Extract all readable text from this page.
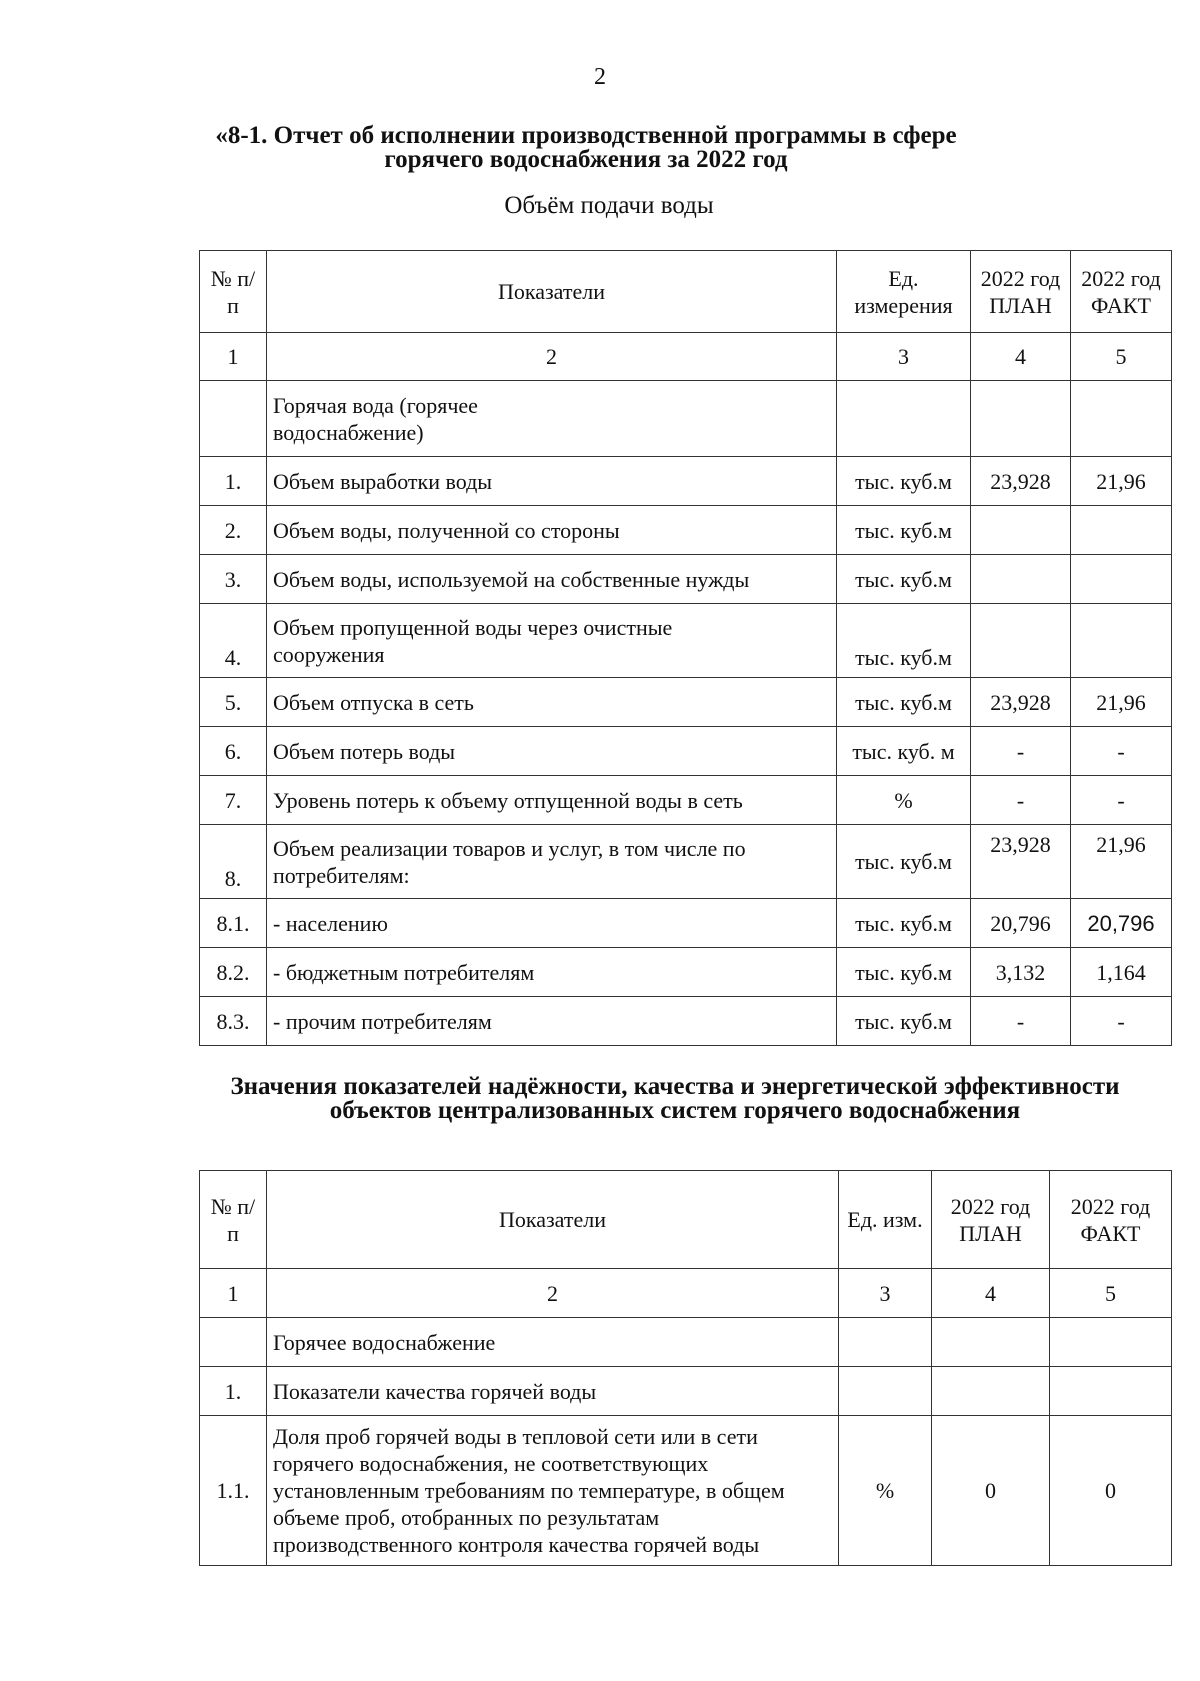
2
«8-1. Отчет об исполнении производственной программы в сфере горячего водоснабжения за 2022 год
Объём подачи воды
№ п/п	Показатели	Ед. измерения	2022 год ПЛАН	2022 год ФАКТ
1	2	3	4	5

	Горячая вода (горячее водоснабжение)			

1.	Объем выработки воды	тыс. куб.м	23,928	21,96
2.	Объем воды, полученной со стороны	тыс. куб.м		
3.	Объем воды, используемой на собственные нужды	тыс. куб.м		
4.	Объем пропущенной воды через очистные сооружения	тыс. куб.м		
5.	Объем отпуска в сеть	тыс. куб.м	23,928	21,96
6.	Объем потерь воды	тыс. куб. м	-	-
7.	Уровень потерь к объему отпущенной воды в сеть	%	-	-
8.	Объем реализации товаров и услуг, в том числе по потребителям:	тыс. куб.м	23,928	21,96
8.1.	- населению	тыс. куб.м	20,796	20,796
8.2.	- бюджетным потребителям	тыс. куб.м	3,132	1,164
8.3.	- прочим потребителям	тыс. куб.м	-	-
Значения показателей надёжности, качества и энергетической эффективности объектов централизованных систем горячего водоснабжения
№ п/п	Показатели	Ед. изм.	2022 год ПЛАН	2022 год ФАКТ
1	2	3	4	5
	Горячее водоснабжение			
1.	Показатели качества горячей воды			
1.1.	Доля проб горячей воды в тепловой сети или в сети горячего водоснабжения, не соответствующих установленным требованиям по температуре, в общем объеме проб, отобранных по результатам производственного контроля качества горячей воды	%	0	0
